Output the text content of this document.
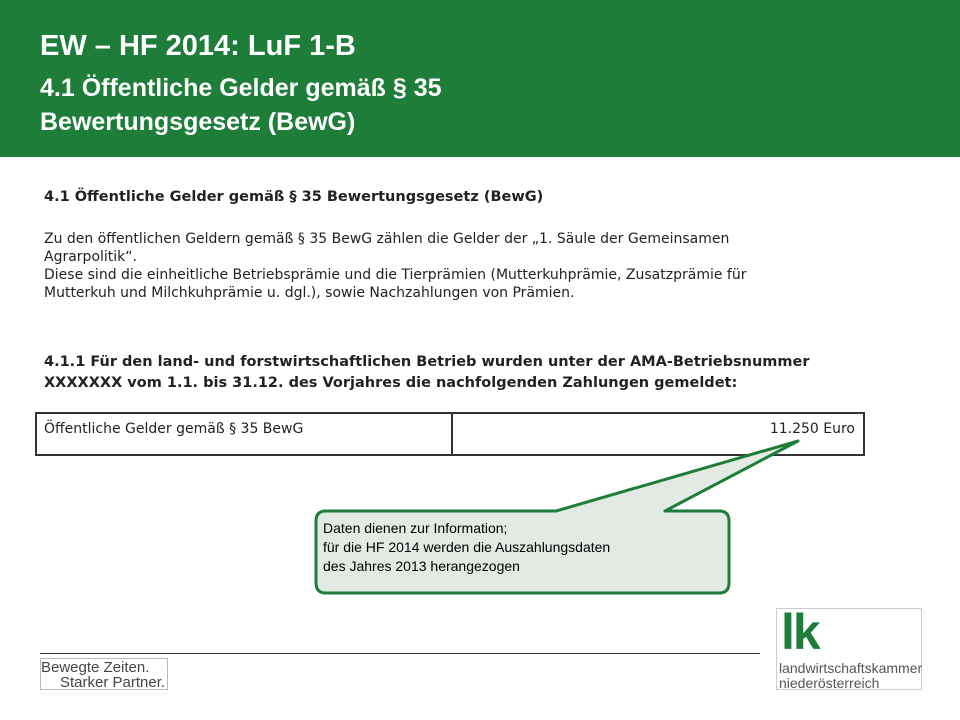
EW – HF 2014: LuF 1-B
4.1 Öffentliche Gelder gemäß § 35
Bewertungsgesetz (BewG)
4.1 Öffentliche Gelder gemäß § 35 Bewertungsgesetz (BewG)
Zu den öffentlichen Geldern gemäß § 35 BewG zählen die Gelder der „1. Säule der Gemeinsamen
Agrarpolitik“.
Diese sind die einheitliche Betriebsprämie und die Tierprämien (Mutterkuhprämie, Zusatzprämie für
Mutterkuh und Milchkuhprämie u. dgl.), sowie Nachzahlungen von Prämien.
4.1.1 Für den land- und forstwirtschaftlichen Betrieb wurden unter der AMA-Betriebsnummer
XXXXXXX vom 1.1. bis 31.12. des Vorjahres die nachfolgenden Zahlungen gemeldet:
Öffentliche Gelder gemäß § 35 BewG	11.250 Euro
Daten dienen zur Information;
für die HF 2014 werden die Auszahlungsdaten
des Jahres 2013 herangezogen
Bewegte Zeiten.
Starker Partner.
lk
landwirtschaftskammer
niederösterreich
